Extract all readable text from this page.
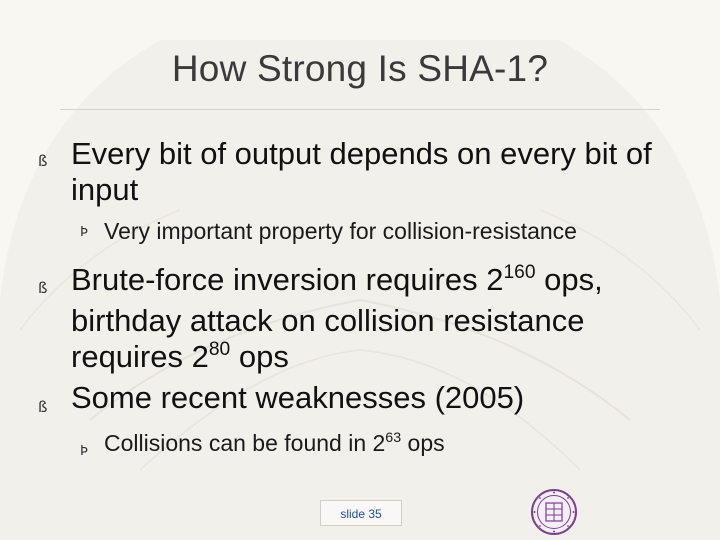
How Strong Is SHA-1?
ß Every bit of output depends on every bit of
input
Þ Very important property for collision-resistance
ß Brute-force inversion requires $2^{160}$ ops,
birthday attack on collision resistance
requires $2^{80}$ ops
ß Some recent weaknesses (2005)
Þ Collisions can be found in $2^{63}$ ops
slide 35
